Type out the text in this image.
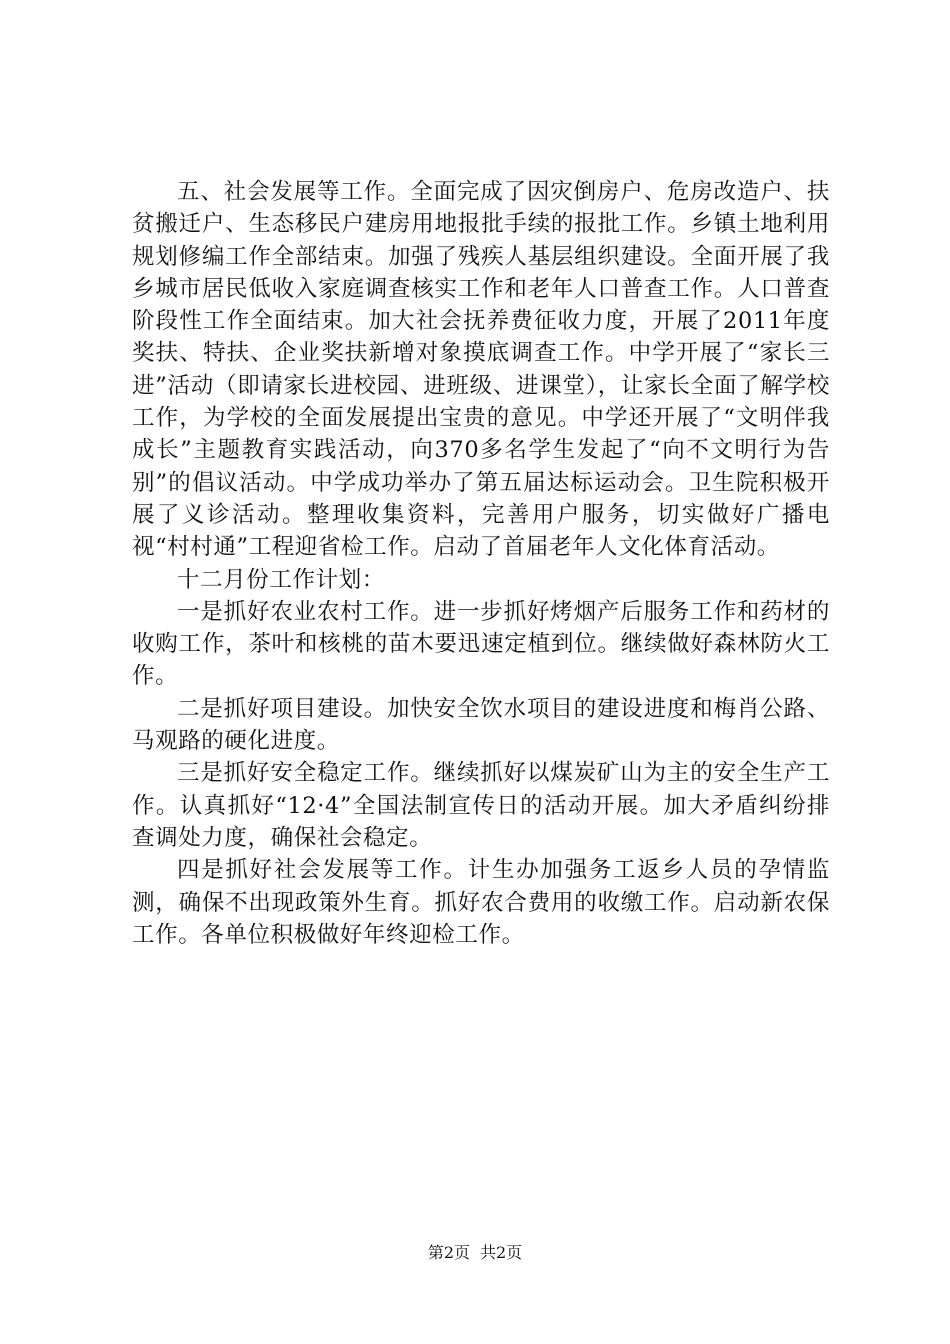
五、社会发展等工作。全面完成了因灾倒房户、危房改造户、扶贫搬迁户、生态移民户建房用地报批手续的报批工作。乡镇土地利用规划修编工作全部结束。加强了残疾人基层组织建设。全面开展了我乡城市居民低收入家庭调查核实工作和老年人口普查工作。人口普查阶段性工作全面结束。加大社会抚养费征收力度，开展了2011年度奖扶、特扶、企业奖扶新增对象摸底调查工作。中学开展了“家长三进”活动（即请家长进校园、进班级、进课堂），让家长全面了解学校工作，为学校的全面发展提出宝贵的意见。中学还开展了“文明伴我成长”主题教育实践活动，向370多名学生发起了“向不文明行为告别”的倡议活动。中学成功举办了第五届达标运动会。卫生院积极开展了义诊活动。整理收集资料，完善用户服务，切实做好广播电视“村村通”工程迎省检工作。启动了首届老年人文化体育活动。

十二月份工作计划：

一是抓好农业农村工作。进一步抓好烤烟产后服务工作和药材的收购工作，茶叶和核桃的苗木要迅速定植到位。继续做好森林防火工作。

二是抓好项目建设。加快安全饮水项目的建设进度和梅肖公路、马观路的硬化进度。

三是抓好安全稳定工作。继续抓好以煤炭矿山为主的安全生产工作。认真抓好“12·4”全国法制宣传日的活动开展。加大矛盾纠纷排查调处力度，确保社会稳定。

四是抓好社会发展等工作。计生办加强务工返乡人员的孕情监测，确保不出现政策外生育。抓好农合费用的收缴工作。启动新农保工作。各单位积极做好年终迎检工作。

第2页 共2页
